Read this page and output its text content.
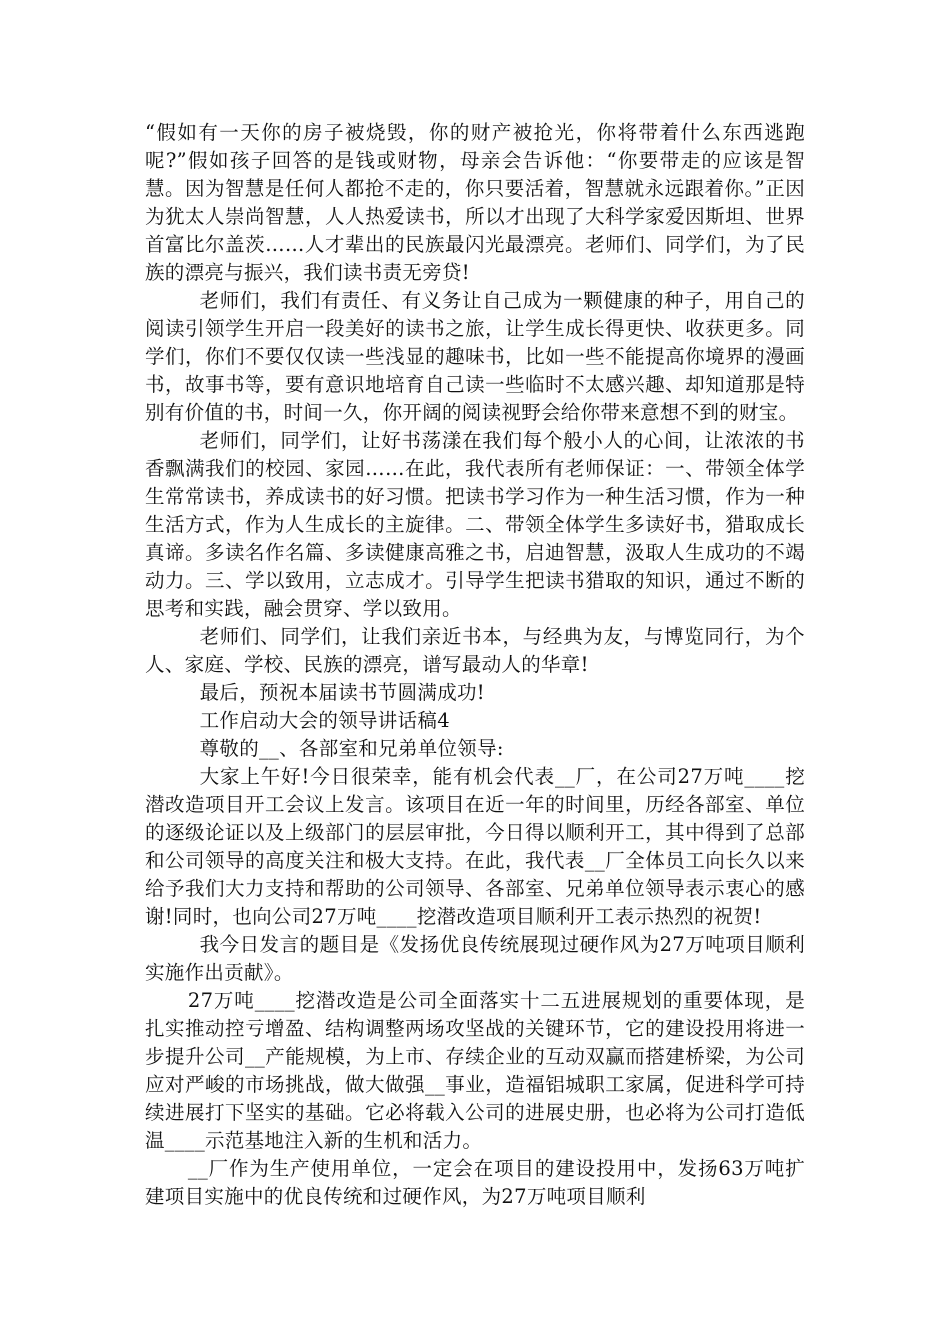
“假如有一天你的房子被烧毁，你的财产被抢光，你将带着什么东西逃跑呢?”假如孩子回答的是钱或财物，母亲会告诉他：“你要带走的应该是智慧。因为智慧是任何人都抢不走的，你只要活着，智慧就永远跟着你。”正因为犹太人崇尚智慧，人人热爱读书，所以才出现了大科学家爱因斯坦、世界首富比尔盖茨……人才辈出的民族最闪光最漂亮。老师们、同学们，为了民族的漂亮与振兴，我们读书责无旁贷!

老师们，我们有责任、有义务让自己成为一颗健康的种子，用自己的阅读引领学生开启一段美好的读书之旅，让学生成长得更快、收获更多。同学们，你们不要仅仅读一些浅显的趣味书，比如一些不能提高你境界的漫画书，故事书等，要有意识地培育自己读一些临时不太感兴趣、却知道那是特别有价值的书，时间一久，你开阔的阅读视野会给你带来意想不到的财宝。

老师们，同学们，让好书荡漾在我们每个般小人的心间，让浓浓的书香飘满我们的校园、家园……在此，我代表所有老师保证：一、带领全体学生常常读书，养成读书的好习惯。把读书学习作为一种生活习惯，作为一种生活方式，作为人生成长的主旋律。二、带领全体学生多读好书，猎取成长真谛。多读名作名篇、多读健康高雅之书，启迪智慧，汲取人生成功的不竭动力。三、学以致用，立志成才。引导学生把读书猎取的知识，通过不断的思考和实践，融会贯穿、学以致用。

老师们、同学们，让我们亲近书本，与经典为友，与博览同行，为个人、家庭、学校、民族的漂亮，谱写最动人的华章!

最后，预祝本届读书节圆满成功!

工作启动大会的领导讲话稿4

尊敬的__、各部室和兄弟单位领导:

大家上午好!今日很荣幸，能有机会代表__厂，在公司27万吨____挖潜改造项目开工会议上发言。该项目在近一年的时间里，历经各部室、单位的逐级论证以及上级部门的层层审批，今日得以顺利开工，其中得到了总部和公司领导的高度关注和极大支持。在此，我代表__厂全体员工向长久以来给予我们大力支持和帮助的公司领导、各部室、兄弟单位领导表示衷心的感谢!同时，也向公司27万吨____挖潜改造项目顺利开工表示热烈的祝贺!

我今日发言的题目是《发扬优良传统展现过硬作风为27万吨项目顺利实施作出贡献》。

27万吨____挖潜改造是公司全面落实十二五进展规划的重要体现，是扎实推动控亏增盈、结构调整两场攻坚战的关键环节，它的建设投用将进一步提升公司__产能规模，为上市、存续企业的互动双赢而搭建桥梁，为公司应对严峻的市场挑战，做大做强__事业，造福铝城职工家属，促进科学可持续进展打下坚实的基础。它必将载入公司的进展史册，也必将为公司打造低温____示范基地注入新的生机和活力。

__厂作为生产使用单位，一定会在项目的建设投用中，发扬63万吨扩建项目实施中的优良传统和过硬作风，为27万吨项目顺利
